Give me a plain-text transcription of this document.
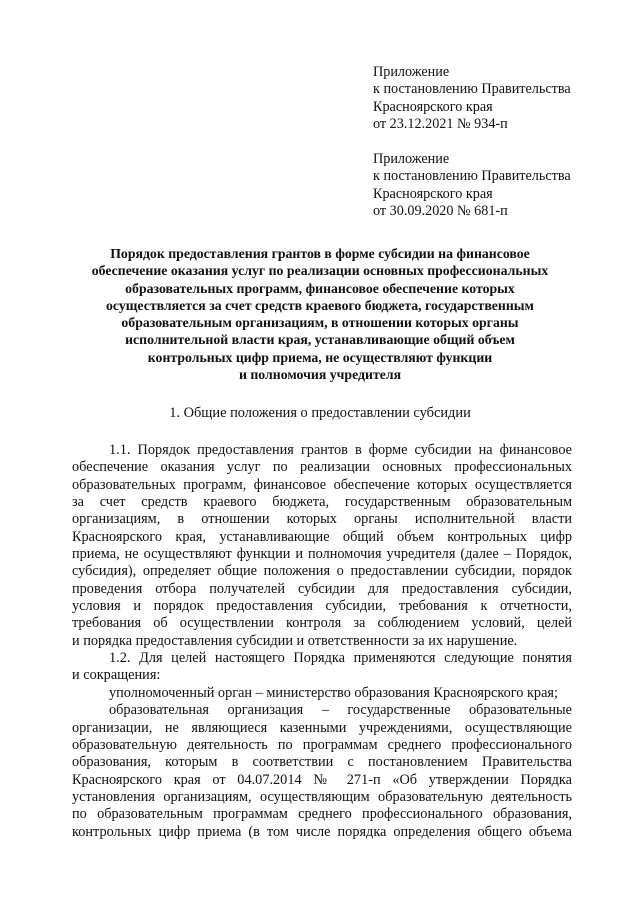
Приложение
к постановлению Правительства
Красноярского края
от 23.12.2021 № 934-п
Приложение
к постановлению Правительства
Красноярского края
от 30.09.2020 № 681-п
Порядок предоставления грантов в форме субсидии на финансовое
обеспечение оказания услуг по реализации основных профессиональных
образовательных программ, финансовое обеспечение которых
осуществляется за счет средств краевого бюджета, государственным
образовательным организациям, в отношении которых органы
исполнительной власти края, устанавливающие общий объем
контрольных цифр приема, не осуществляют функции
и полномочия учредителя
1. Общие положения о предоставлении субсидии
1.1. Порядок предоставления грантов в форме субсидии на финансовое
обеспечение оказания услуг по реализации основных профессиональных
образовательных программ, финансовое обеспечение которых осуществляется
за счет средств краевого бюджета, государственным образовательным
организациям, в отношении которых органы исполнительной власти
Красноярского края, устанавливающие общий объем контрольных цифр
приема, не осуществляют функции и полномочия учредителя (далее – Порядок,
субсидия), определяет общие положения о предоставлении субсидии, порядок
проведения отбора получателей субсидии для предоставления субсидии,
условия и порядок предоставления субсидии, требования к отчетности,
требования об осуществлении контроля за соблюдением условий, целей
и порядка предоставления субсидии и ответственности за их нарушение.
1.2. Для целей настоящего Порядка применяются следующие понятия
и сокращения:
уполномоченный орган – министерство образования Красноярского края;
образовательная организация – государственные образовательные
организации, не являющиеся казенными учреждениями, осуществляющие
образовательную деятельность по программам среднего профессионального
образования, которым в соответствии с постановлением Правительства
Красноярского края от 04.07.2014 № 271-п «Об утверждении Порядка
установления организациям, осуществляющим образовательную деятельность
по образовательным программам среднего профессионального образования,
контрольных цифр приема (в том числе порядка определения общего объема
